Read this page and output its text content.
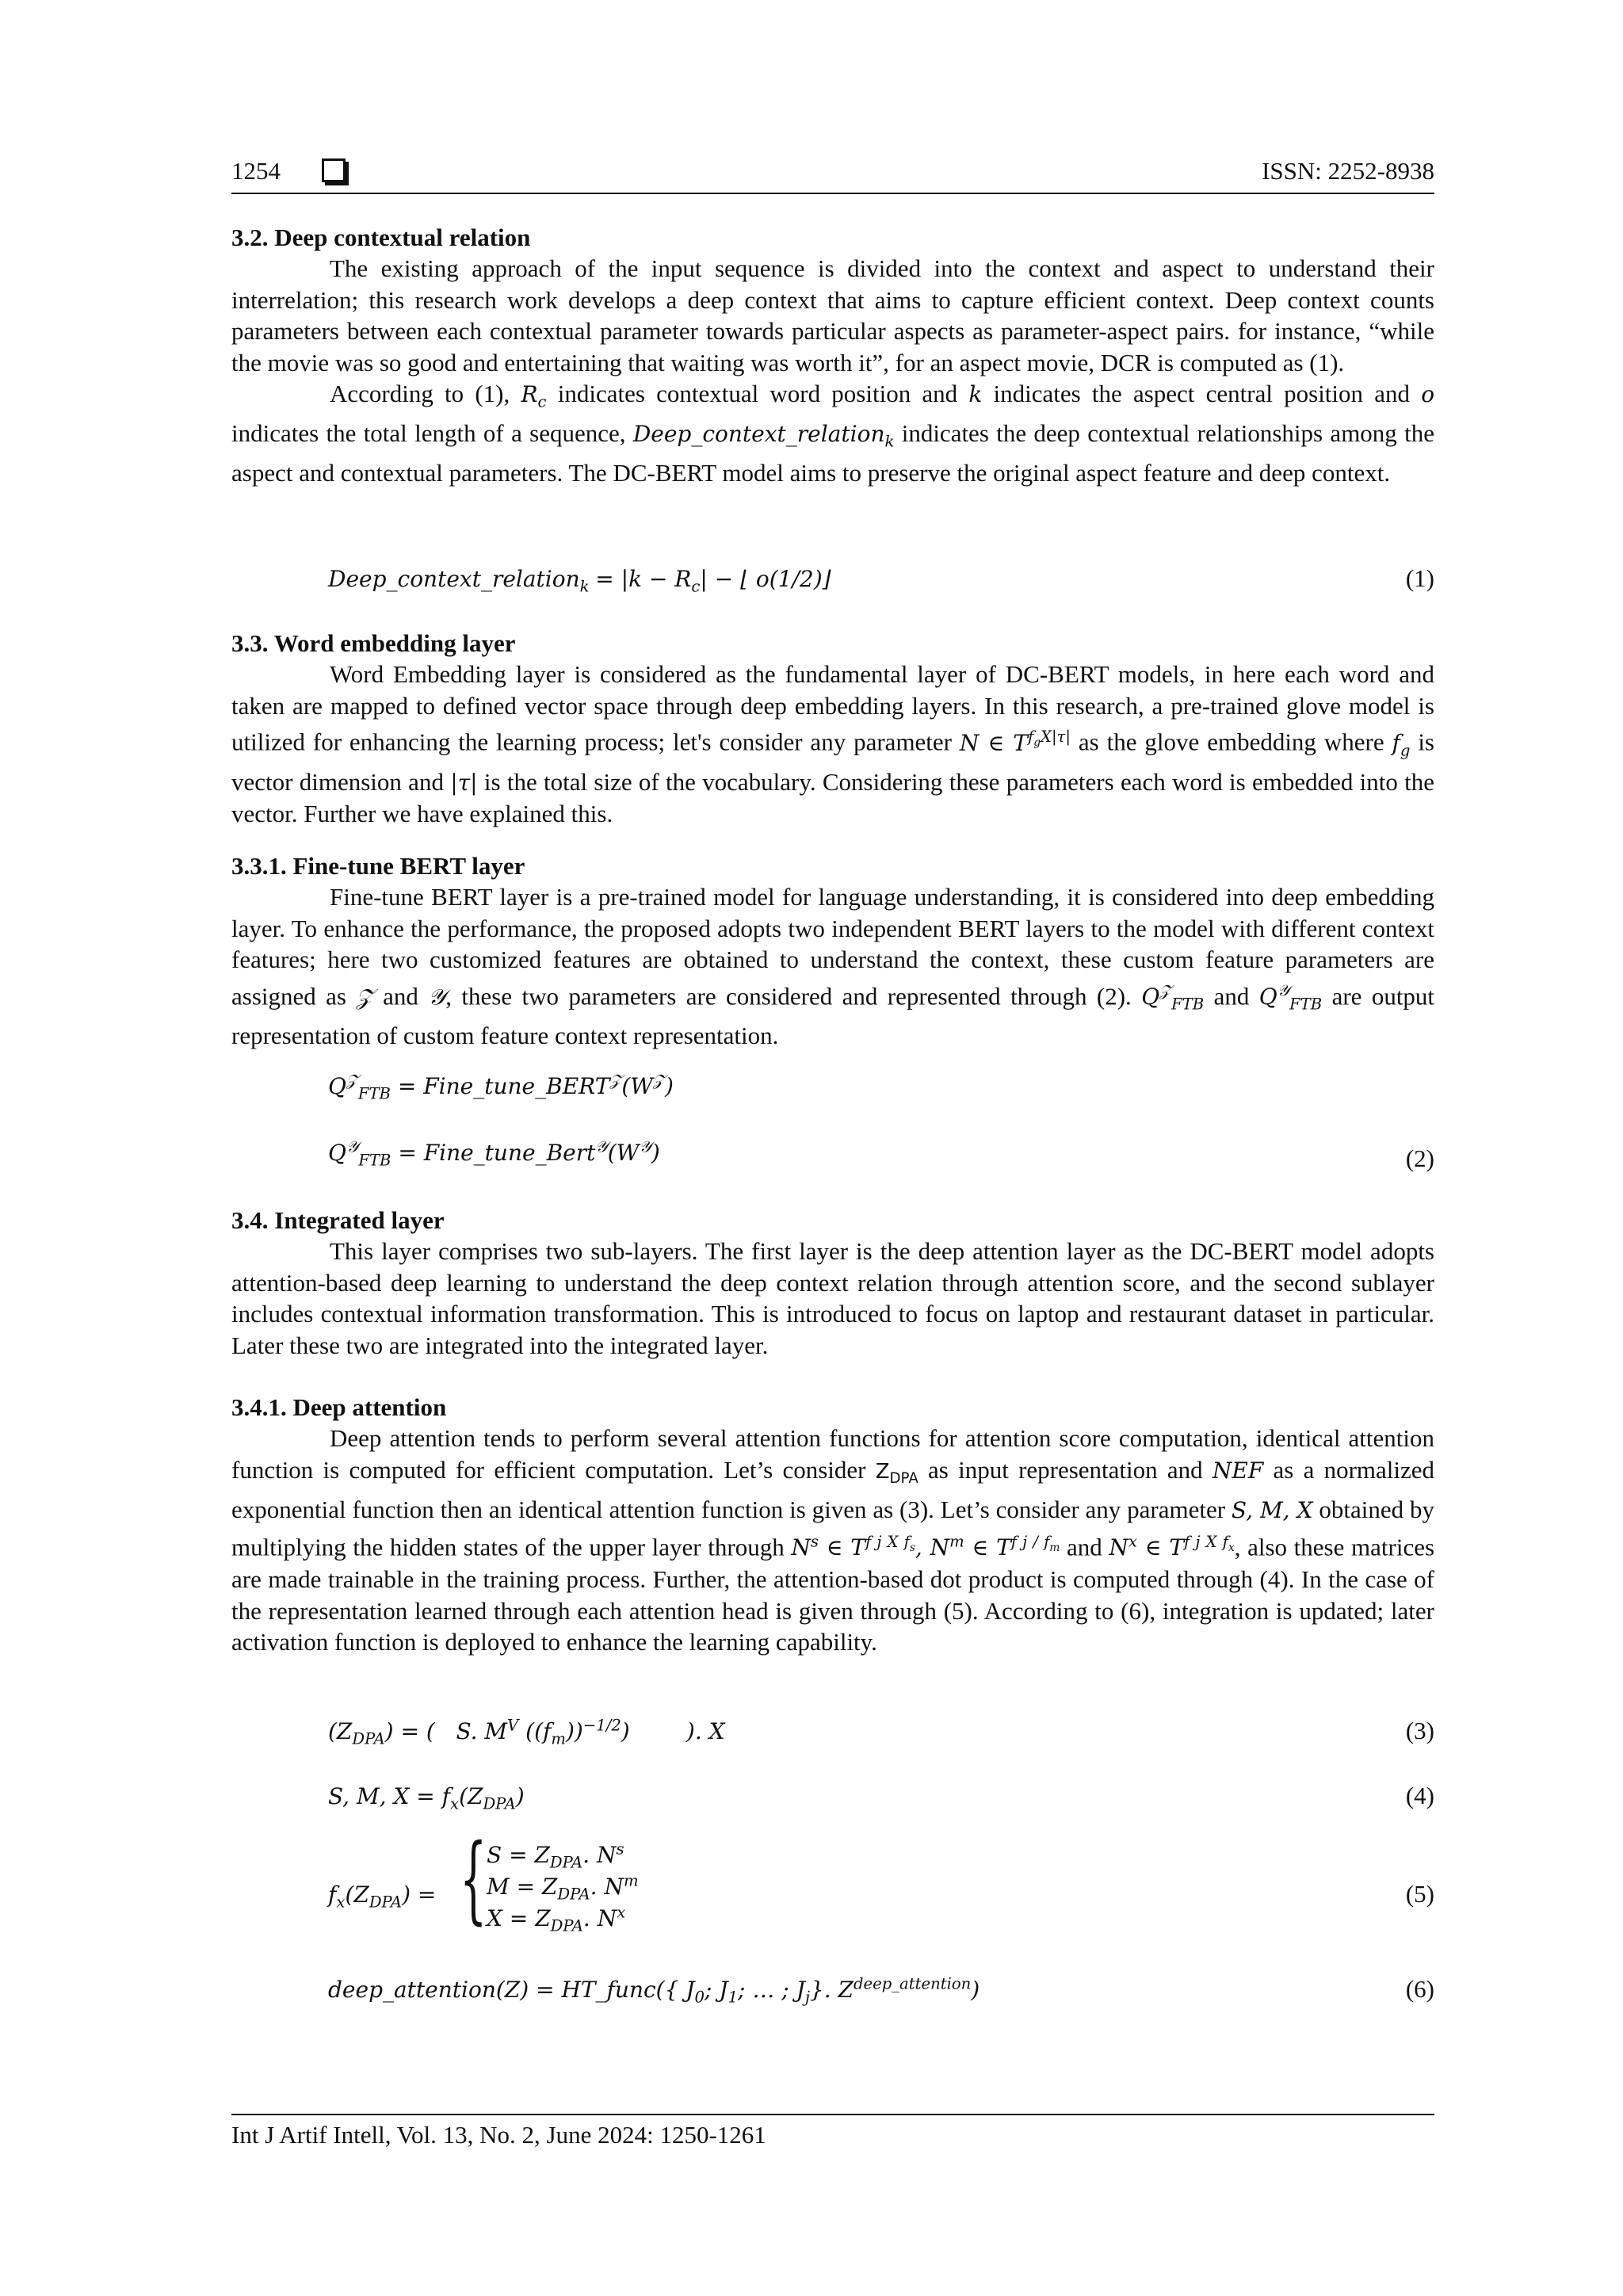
1254	ISSN: 2252-8938
3.2. Deep contextual relation

The existing approach of the input sequence is divided into the context and aspect to understand their interrelation; this research work develops a deep context that aims to capture efficient context. Deep context counts parameters between each contextual parameter towards particular aspects as parameter-aspect pairs. for instance, “while the movie was so good and entertaining that waiting was worth it”, for an aspect movie, DCR is computed as (1).

According to (1), $R_c$ indicates contextual word position and k indicates the aspect central position and o indicates the total length of a sequence, Deep_context_relation$_k$ indicates the deep contextual relationships among the aspect and contextual parameters. The DC-BERT model aims to preserve the original aspect feature and deep context.

Deep_context_relation$_k$ = $|k - R_c|$ − ⌊ o(1/2)⌋	(1)
3.3. Word embedding layer

Word Embedding layer is considered as the fundamental layer of DC-BERT models, in here each word and taken are mapped to defined vector space through deep embedding layers. In this research, a pre-trained glove model is utilized for enhancing the learning process; let's consider any parameter N ∈ $T^{f_gX|\tau|}$ as the glove embedding where $f_g$ is vector dimension and |τ| is the total size of the vocabulary. Considering these parameters each word is embedded into the vector. Further we have explained this.

3.3.1. Fine-tune BERT layer

Fine-tune BERT layer is a pre-trained model for language understanding, it is considered into deep embedding layer. To enhance the performance, the proposed adopts two independent BERT layers to the model with different context features; here two customized features are obtained to understand the context, these custom feature parameters are assigned as 𝒵 and 𝒴, these two parameters are considered and represented through (2). $Q^𝒵_{FTB}$ and $Q^𝒴_{FTB}$ are output representation of custom feature context representation.

$Q^𝒵_{FTB}$ = $Fine\_tune\_BERT^𝒵(W^𝒵)$
$Q^𝒴_{FTB}$ = $Fine\_tune\_Bert^𝒴(W^𝒴)$	(2)
3.4. Integrated layer

This layer comprises two sub-layers. The first layer is the deep attention layer as the DC-BERT model adopts attention-based deep learning to understand the deep context relation through attention score, and the second sublayer includes contextual information transformation. This is introduced to focus on laptop and restaurant dataset in particular. Later these two are integrated into the integrated layer.

3.4.1. Deep attention

Deep attention tends to perform several attention functions for attention score computation, identical attention function is computed for efficient computation. Let’s consider $Z_{DPA}$ as input representation and NEF as a normalized exponential function then an identical attention function is given as (3). Let’s consider any parameter S, M, X obtained by multiplying the hidden states of the upper layer through $N^s$ ∈ $T^{f j X f_s}$, $N^m$ ∈ $T^{f j / f_m}$ and $N^x$ ∈ $T^{f j X f_x}$, also these matrices are made trainable in the training process. Further, the attention-based dot product is computed through (4). In the case of the representation learned through each attention head is given through (5). According to (6), integration is updated; later activation function is deployed to enhance the learning capability.

$(Z_{DPA})$ = (   S. $M^V$ $((f_m))^{-1/2}$)        ). X	(3)
S, M, $X = f_x(Z_{DPA})$	(4)
$f_x(Z_{DPA})$ = { $S = Z_{DPA}$. $N^s$
$M = Z_{DPA}$. $N^m$
$X = Z_{DPA}$. $N^x$
(5)
deep_attention(Z) = HT_func({ $J_0$; $J_1$; … ; $J_j$}. $Z^{deep\_attention}$)	(6)
Int J Artif Intell, Vol. 13, No. 2, June 2024: 1250-1261
